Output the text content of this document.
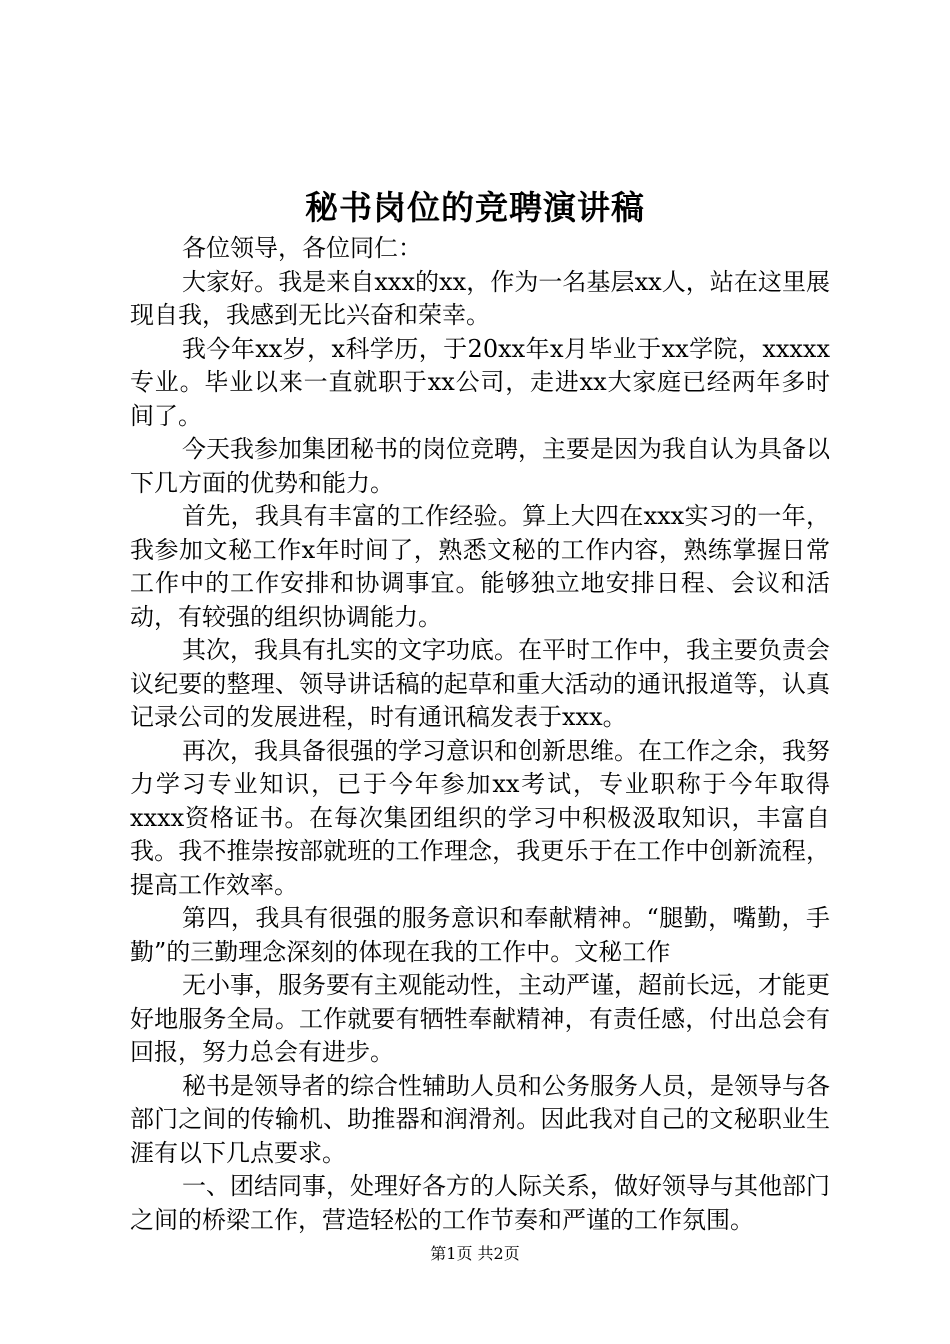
秘书岗位的竞聘演讲稿

各位领导，各位同仁：

大家好。我是来自xxx的xx，作为一名基层xx人，站在这里展现自我，我感到无比兴奋和荣幸。

我今年xx岁，x科学历，于20xx年x月毕业于xx学院，xxxxx专业。毕业以来一直就职于xx公司，走进xx大家庭已经两年多时间了。

今天我参加集团秘书的岗位竞聘，主要是因为我自认为具备以下几方面的优势和能力。

首先，我具有丰富的工作经验。算上大四在xxx实习的一年，我参加文秘工作x年时间了，熟悉文秘的工作内容，熟练掌握日常工作中的工作安排和协调事宜。能够独立地安排日程、会议和活动，有较强的组织协调能力。

其次，我具有扎实的文字功底。在平时工作中，我主要负责会议纪要的整理、领导讲话稿的起草和重大活动的通讯报道等，认真记录公司的发展进程，时有通讯稿发表于xxx。

再次，我具备很强的学习意识和创新思维。在工作之余，我努力学习专业知识，已于今年参加xx考试，专业职称于今年取得xxxx资格证书。在每次集团组织的学习中积极汲取知识，丰富自我。我不推崇按部就班的工作理念，我更乐于在工作中创新流程，提高工作效率。

第四，我具有很强的服务意识和奉献精神。“腿勤，嘴勤，手勤”的三勤理念深刻的体现在我的工作中。文秘工作

无小事，服务要有主观能动性，主动严谨，超前长远，才能更好地服务全局。工作就要有牺牲奉献精神，有责任感，付出总会有回报，努力总会有进步。

秘书是领导者的综合性辅助人员和公务服务人员，是领导与各部门之间的传输机、助推器和润滑剂。因此我对自己的文秘职业生涯有以下几点要求。

一、团结同事，处理好各方的人际关系，做好领导与其他部门之间的桥梁工作，营造轻松的工作节奏和严谨的工作氛围。

第1页 共2页
